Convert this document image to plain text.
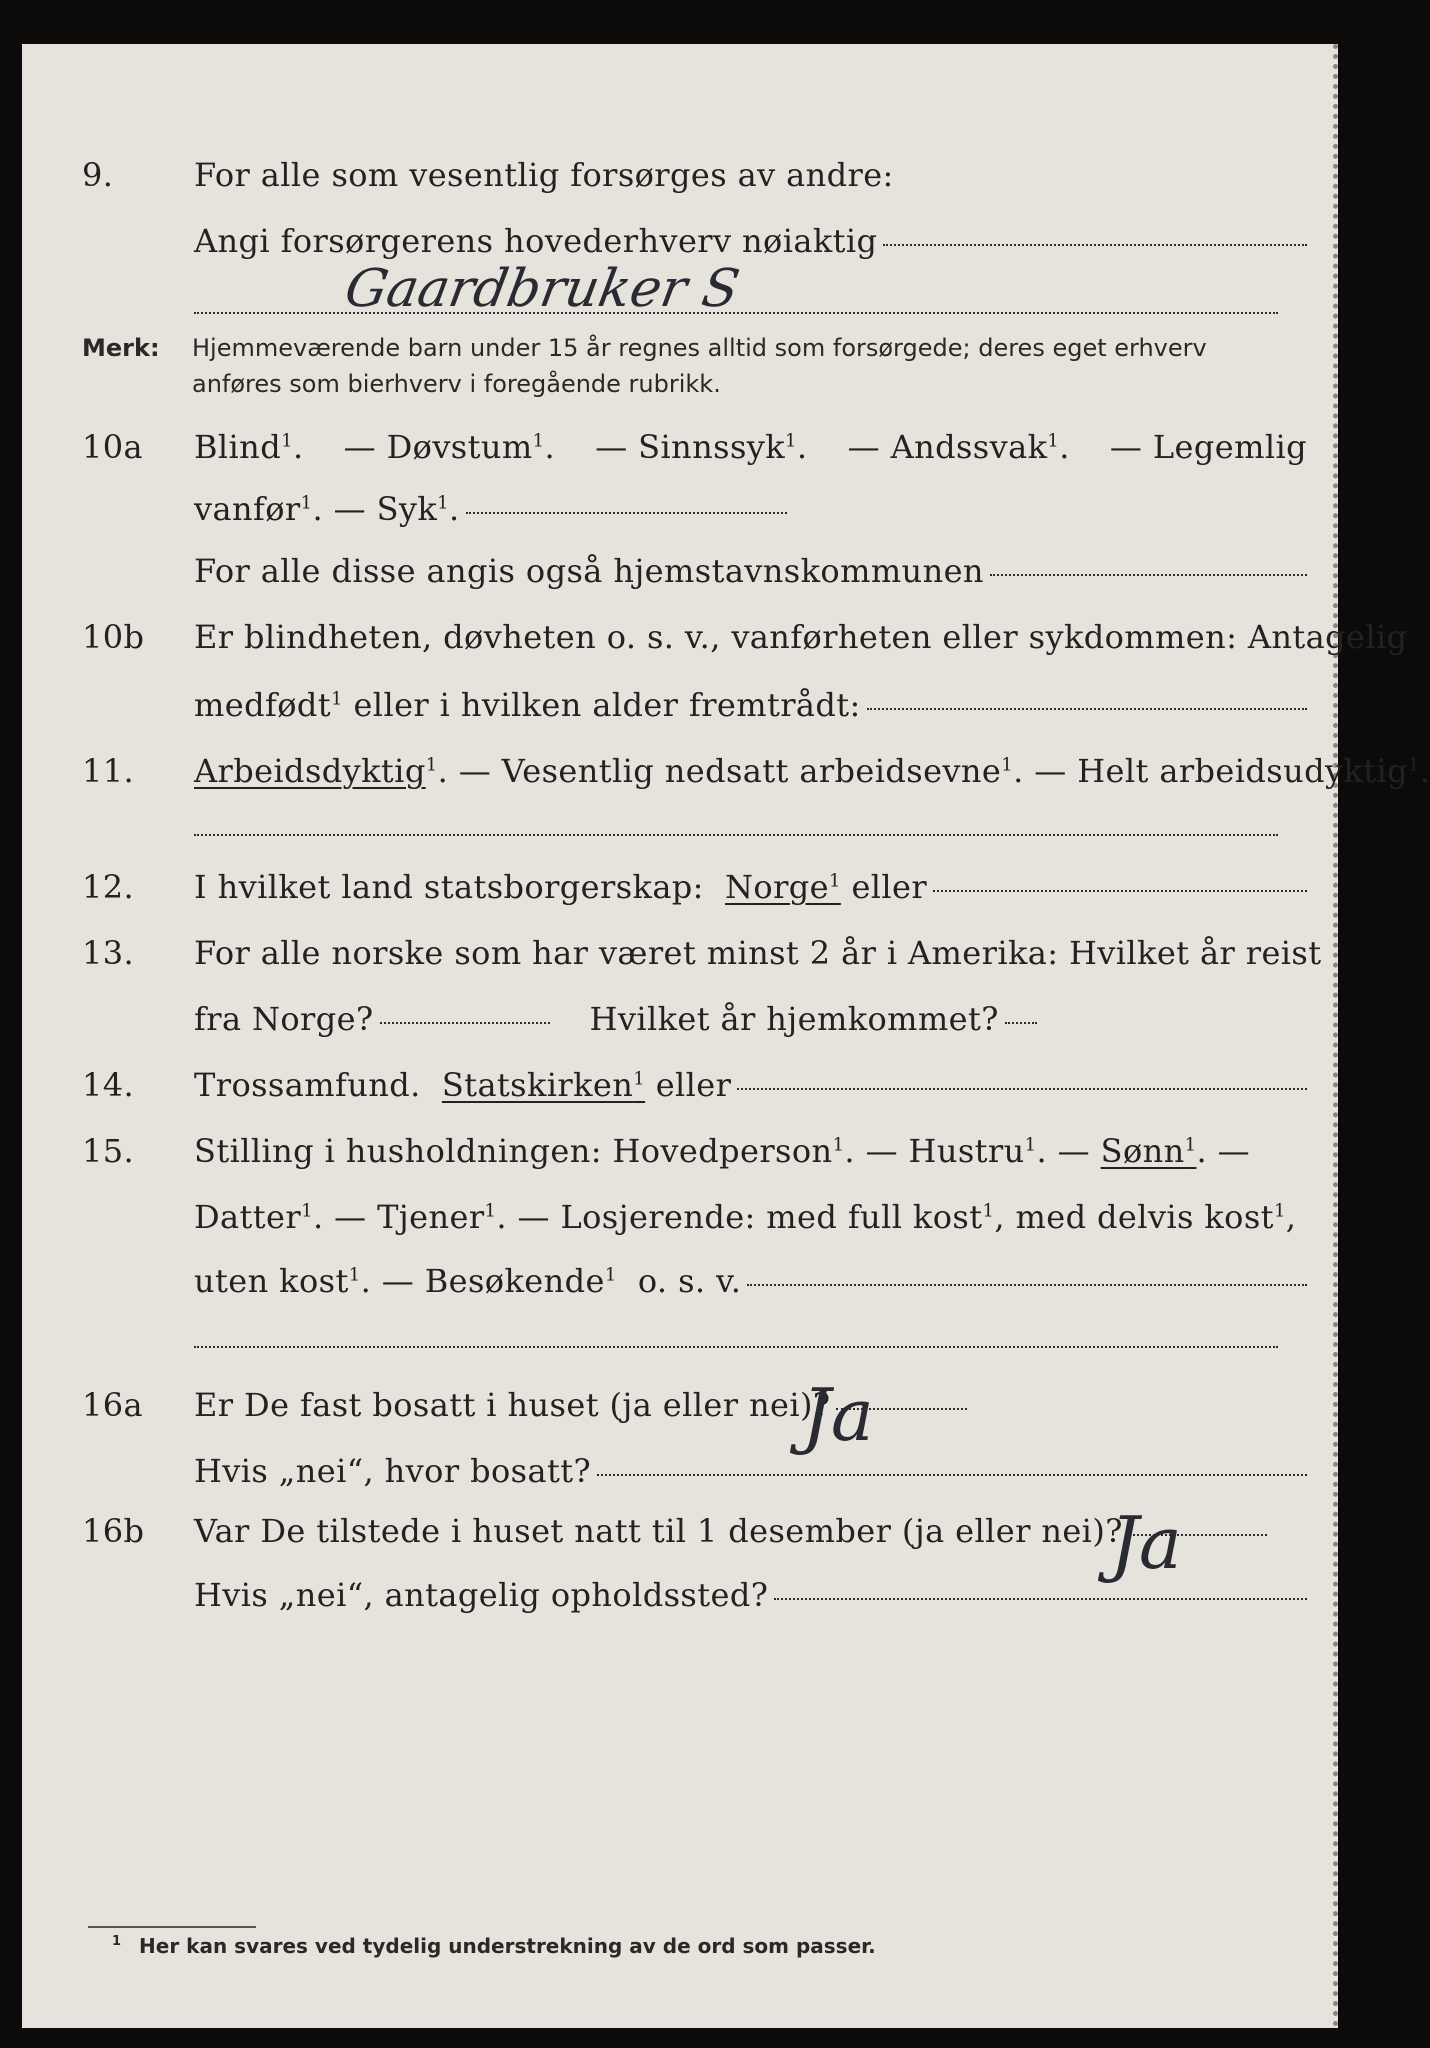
9.	For alle som vesentlig forsørges av andre:
Angi forsørgerens hovederhverv nøiaktig
Gaardbruker S
Merk: Hjemmeværende barn under 15 år regnes alltid som forsørgede; deres eget erhverv
anføres som bierhverv i foregående rubrikk.
10a	Blind$^1$. — Døvstum$^1$. — Sinnssyk$^1$. — Andssvak$^1$. — Legemlig
vanfør$^1$. — Syk$^1$.
For alle disse angis også hjemstavnskommunen
10b	Er blindheten, døvheten o. s. v., vanførheten eller sykdommen: Antagelig
medfødt$^1$ eller i hvilken alder fremtrådt:
11.	Arbeidsdyktig$^1$. — Vesentlig nedsatt arbeidsevne$^1$. — Helt arbeidsudyktig$^1$.
12.	I hvilket land statsborgerskap:
Norge$^1$
eller
13.	For alle norske som har været minst 2 år i Amerika: Hvilket år reist
fra Norge?	Hvilket år hjemkommet?
14.	Trossamfund.
Statskirken$^1$
eller
15.	Stilling i husholdningen: Hovedperson$^1$. — Hustru$^1$. — Sønn$^1$. —
Datter$^1$. — Tjener$^1$. — Losjerende: med full kost$^1$, med delvis kost$^1$,
uten kost$^1$ . — Besøkende$^1$
o. s. v.
16a	Er De fast bosatt i huset (ja eller nei)?
Ja
Hvis „nei“, hvor bosatt?
16b	Var De tilstede i huset natt til 1 desember (ja eller nei)?
Ja
Hvis „nei“, antagelig opholdssted?
$^1$ Her kan svares ved tydelig understrekning av de ord som passer.
